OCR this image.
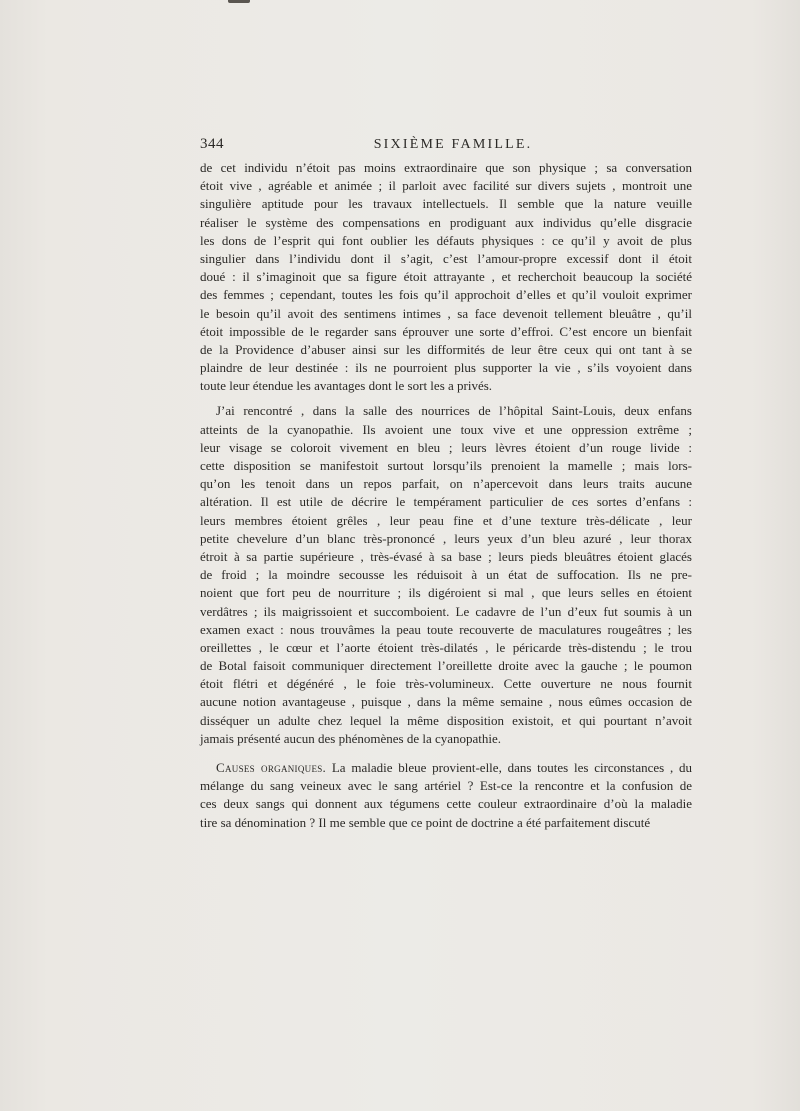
344	SIXIÈME FAMILLE.
de cet individu n’étoit pas moins extraordinaire que son physique ; sa conversation
étoit vive , agréable et animée ; il parloit avec facilité sur divers sujets , montroit une
singulière aptitude pour les travaux intellectuels. Il semble que la nature veuille
réaliser le système des compensations en prodiguant aux individus qu’elle disgracie
les dons de l’esprit qui font oublier les défauts physiques : ce qu’il y avoit de plus
singulier dans l’individu dont il s’agit, c’est l’amour-propre excessif dont il étoit
doué : il s’imaginoit que sa figure étoit attrayante , et recherchoit beaucoup la société
des femmes ; cependant, toutes les fois qu’il approchoit d’elles et qu’il vouloit exprimer
le besoin qu’il avoit des sentimens intimes , sa face devenoit tellement bleuâtre , qu’il
étoit impossible de le regarder sans éprouver une sorte d’effroi. C’est encore un bienfait
de la Providence d’abuser ainsi sur les difformités de leur être ceux qui ont tant à se
plaindre de leur destinée : ils ne pourroient plus supporter la vie , s’ils voyoient dans
toute leur étendue les avantages dont le sort les a privés.
J’ai rencontré , dans la salle des nourrices de l’hôpital Saint-Louis, deux enfans
atteints de la cyanopathie. Ils avoient une toux vive et une oppression extrême ;
leur visage se coloroit vivement en bleu ; leurs lèvres étoient d’un rouge livide :
cette disposition se manifestoit surtout lorsqu’ils prenoient la mamelle ; mais lors-
qu’on les tenoit dans un repos parfait, on n’apercevoit dans leurs traits aucune
altération. Il est utile de décrire le tempérament particulier de ces sortes d’enfans :
leurs membres étoient grêles , leur peau fine et d’une texture très-délicate , leur
petite chevelure d’un blanc très-prononcé , leurs yeux d’un bleu azuré , leur thorax
étroit à sa partie supérieure , très-évasé à sa base ; leurs pieds bleuâtres étoient glacés
de froid ; la moindre secousse les réduisoit à un état de suffocation. Ils ne pre-
noient que fort peu de nourriture ; ils digéroient si mal , que leurs selles en étoient
verdâtres ; ils maigrissoient et succomboient. Le cadavre de l’un d’eux fut soumis à un
examen exact : nous trouvâmes la peau toute recouverte de maculatures rougeâtres ; les
oreillettes , le cœur et l’aorte étoient très-dilatés , le péricarde très-distendu ; le trou
de Botal faisoit communiquer directement l’oreillette droite avec la gauche ; le poumon
étoit flétri et dégénéré , le foie très-volumineux. Cette ouverture ne nous fournit
aucune notion avantageuse , puisque , dans la même semaine , nous eûmes occasion de
disséquer un adulte chez lequel la même disposition existoit, et qui pourtant n’avoit
jamais présenté aucun des phénomènes de la cyanopathie.
Causes organiques. La maladie bleue provient-elle, dans toutes les circonstances , du
mélange du sang veineux avec le sang artériel ? Est-ce la rencontre et la confusion de
ces deux sangs qui donnent aux tégumens cette couleur extraordinaire d’où la maladie
tire sa dénomination ? Il me semble que ce point de doctrine a été parfaitement discuté
